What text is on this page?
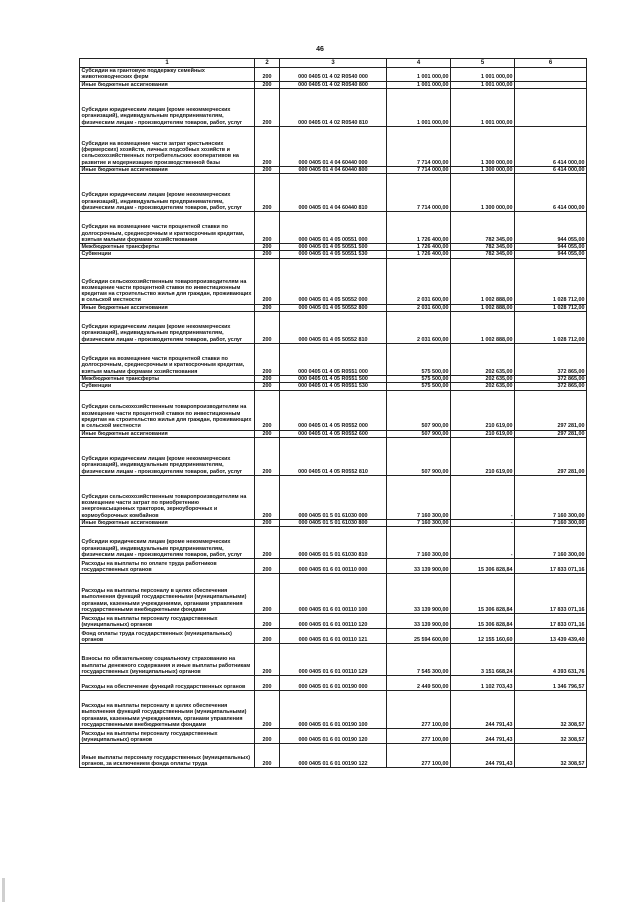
46
1	2	3	4	5	6
Субсидии на грантовую поддержку семейных животноводческих ферм	200	000 0405 01 4 02 R0540 000	1 001 000,00	1 001 000,00	
Иные бюджетные ассигнования	200	000 0405 01 4 02 R0540 800	1 001 000,00	1 001 000,00	
Субсидии юридическим лицам (кроме некоммерческих организаций), индивидуальным предпринимателям, физическим лицам - производителям товаров, работ, услуг	200	000 0405 01 4 02 R0540 810	1 001 000,00	1 001 000,00	
Субсидии на возмещение части затрат крестьянских (фермерских) хозяйств, личных подсобных хозяйств и сельскохозяйственных потребительских кооперативов на развитие и модернизацию производственной базы	200	000 0405 01 4 04 60440 000	7 714 000,00	1 300 000,00	6 414 000,00
Иные бюджетные ассигнования	200	000 0405 01 4 04 60440 800	7 714 000,00	1 300 000,00	6 414 000,00
Субсидии юридическим лицам (кроме некоммерческих организаций), индивидуальным предпринимателям, физическим лицам - производителям товаров, работ, услуг	200	000 0405 01 4 04 60440 810	7 714 000,00	1 300 000,00	6 414 000,00
Субсидии на возмещение части процентной ставки по долгосрочным, среднесрочным и краткосрочным кредитам, взятым малыми формами хозяйствования	200	000 0405 01 4 05 00551 000	1 726 400,00	782 345,00	944 055,00
Межбюджетные трансферты	200	000 0405 01 4 05 50551 500	1 726 400,00	782 345,00	944 055,00
Субвенции	200	000 0405 01 4 05 50551 530	1 726 400,00	782 345,00	944 055,00
Субсидии сельскохозяйственным товаропроизводителям на возмещение части процентной ставки по инвестиционным кредитам на строительство жилья для граждан, проживающих в сельской местности	200	000 0405 01 4 05 50552 000	2 031 600,00	1 002 888,00	1 028 712,00
Иные бюджетные ассигнования	200	000 0405 01 4 05 50552 800	2 031 600,00	1 002 888,00	1 028 712,00
Субсидии юридическим лицам (кроме некоммерческих организаций), индивидуальным предпринимателям, физическим лицам - производителям товаров, работ, услуг	200	000 0405 01 4 05 50552 810	2 031 600,00	1 002 888,00	1 028 712,00
Субсидии на возмещение части процентной ставки по долгосрочным, среднесрочным и краткосрочным кредитам, взятым малыми формами хозяйствования	200	000 0405 01 4 05 R0551 000	575 500,00	202 635,00	372 865,00
Межбюджетные трансферты	200	000 0405 01 4 05 R0551 500	575 500,00	202 635,00	372 865,00
Субвенции	200	000 0405 01 4 05 R0551 530	575 500,00	202 635,00	372 865,00
Субсидии сельскохозяйственным товаропроизводителям на возмещение части процентной ставки по инвестиционным кредитам на строительство жилья для граждан, проживающих в сельской местности	200	000 0405 01 4 05 R0552 000	507 900,00	210 619,00	297 281,00
Иные бюджетные ассигнования	200	000 0405 01 4 05 R0552 600	507 900,00	210 619,00	297 281,00
Субсидии юридическим лицам (кроме некоммерческих организаций), индивидуальным предпринимателям, физическим лицам - производителям товаров, работ, услуг	200	000 0405 01 4 05 R0552 810	507 900,00	210 619,00	297 281,00
Субсидии сельскохозяйственным товаропроизводителям на возмещение части затрат по приобретению энергонасыщенных тракторов, зерноуборочных и кормоуборочных комбайнов	200	000 0405 01 5 01 61030 000	7 160 300,00	-	7 160 300,00
Иные бюджетные ассигнования	200	000 0405 01 5 01 61030 800	7 160 300,00	-	7 160 300,00
Субсидии юридическим лицам (кроме некоммерческих организаций), индивидуальным предпринимателям, физическим лицам - производителям товаров, работ, услуг	200	000 0405 01 5 01 61030 810	7 160 300,00	-	7 160 300,00
Расходы на выплаты по оплате труда работников государственных органов	200	000 0405 01 6 01 00110 000	33 139 900,00	15 306 828,84	17 833 071,16
Расходы на выплаты персоналу в целях обеспечения выполнения функций государственными (муниципальными) органами, казенными учреждениями, органами управления государственными внебюджетными фондами	200	000 0405 01 6 01 00110 100	33 139 900,00	15 306 828,84	17 833 071,16
Расходы на выплаты персоналу государственных (муниципальных) органов	200	000 0405 01 6 01 00110 120	33 139 900,00	15 306 828,84	17 833 071,16
Фонд оплаты труда государственных (муниципальных) органов	200	000 0405 01 6 01 00110 121	25 594 600,00	12 155 160,60	13 439 439,40
Взносы по обязательному социальному страхованию на выплаты денежного содержания и иные выплаты работникам государственных (муниципальных) органов	200	000 0405 01 6 01 00110 129	7 545 300,00	3 151 668,24	4 393 631,76
Расходы на обеспечение функций государственных органов	200	000 0405 01 6 01 00190 000	2 449 500,00	1 102 703,43	1 346 796,57
Расходы на выплаты персоналу в целях обеспечения выполнения функций государственными (муниципальными) органами, казенными учреждениями, органами управления государственными внебюджетными фондами	200	000 0405 01 6 01 00190 100	277 100,00	244 791,43	32 308,57
Расходы на выплаты персоналу государственных (муниципальных) органов	200	000 0405 01 6 01 00190 120	277 100,00	244 791,43	32 308,57
Иные выплаты персоналу государственных (муниципальных) органов, за исключением фонда оплаты труда	200	000 0405 01 6 01 00190 122	277 100,00	244 791,43	32 308,57
